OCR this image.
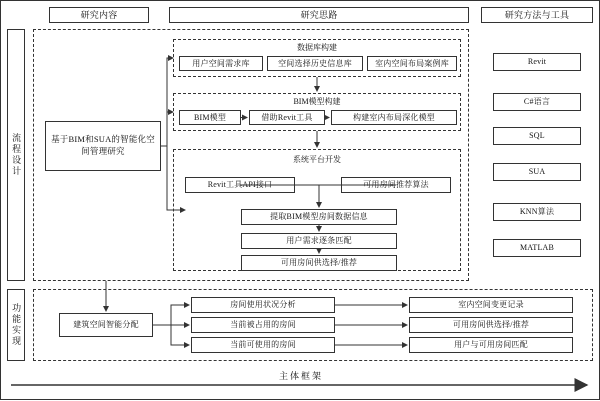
研究内容	研究思路	研究方法与工具
流程设计
功能实现
基于BIM和SUA的智能化空间管理研究
数据库构建
用户空间需求库	空间选择历史信息库	室内空间布局案例库
BIM模型构建
BIM模型	借助Revit工具	构建室内布局深化模型
系统平台开发
Revit工具API接口	可用房间推荐算法
提取BIM模型房间数据信息
用户需求逐条匹配
可用房间供选择/推荐
Revit
C#语言
SQL
SUA
KNN算法
MATLAB
建筑空间智能分配
房间使用状况分析
当前被占用的房间
当前可使用的房间
室内空间变更记录
可用房间供选择/推荐
用户与可用房间匹配
主体框架
